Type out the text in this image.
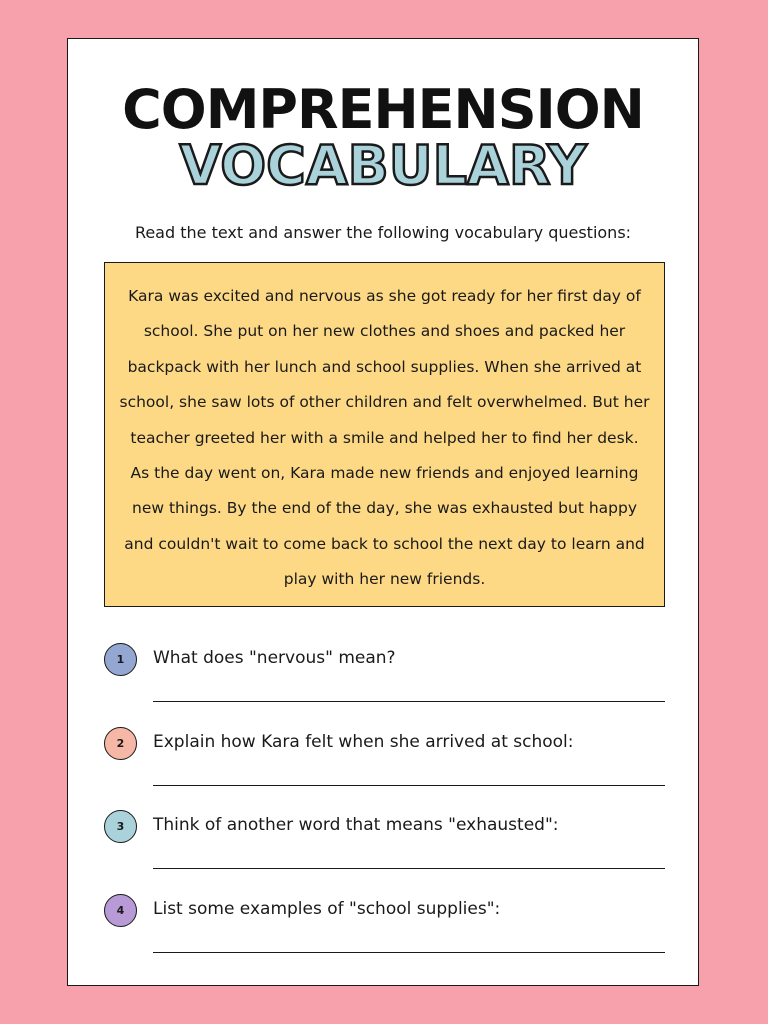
COMPREHENSION
VOCABULARY
Read the text and answer the following vocabulary questions:
Kara was excited and nervous as she got ready for her first day of school. She put on her new clothes and shoes and packed her backpack with her lunch and school supplies. When she arrived at school, she saw lots of other children and felt overwhelmed. But her teacher greeted her with a smile and helped her to find her desk. As the day went on, Kara made new friends and enjoyed learning new things. By the end of the day, she was exhausted but happy and couldn't wait to come back to school the next day to learn and play with her new friends.
1	What does "nervous" mean?
2	Explain how Kara felt when she arrived at school:
3	Think of another word that means "exhausted":
4	List some examples of "school supplies":
